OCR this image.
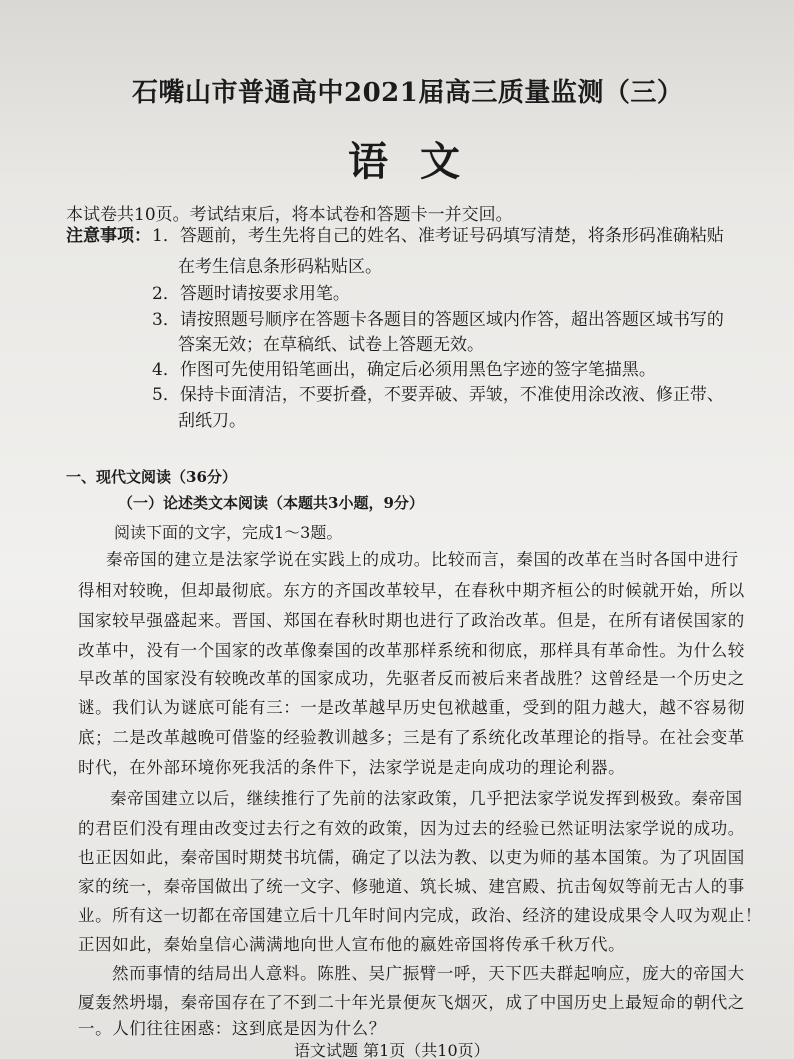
石嘴山市普通高中2021届高三质量监测（三）
语文
本试卷共10页。考试结束后，将本试卷和答题卡一并交回。
注意事项： 1．答题前，考生先将自己的姓名、准考证号码填写清楚，将条形码准确粘贴
在考生信息条形码粘贴区。
2．答题时请按要求用笔。
3．请按照题号顺序在答题卡各题目的答题区域内作答，超出答题区域书写的
答案无效；在草稿纸、试卷上答题无效。
4．作图可先使用铅笔画出，确定后必须用黑色字迹的签字笔描黑。
5．保持卡面清洁，不要折叠，不要弄破、弄皱，不准使用涂改液、修正带、
刮纸刀。
一、现代文阅读（36分）
（一）论述类文本阅读（本题共3小题，9分）
阅读下面的文字，完成1～3题。
秦帝国的建立是法家学说在实践上的成功。比较而言，秦国的改革在当时各国中进行
得相对较晚，但却最彻底。东方的齐国改革较早，在春秋中期齐桓公的时候就开始，所以
国家较早强盛起来。晋国、郑国在春秋时期也进行了政治改革。但是，在所有诸侯国家的
改革中，没有一个国家的改革像秦国的改革那样系统和彻底，那样具有革命性。为什么较
早改革的国家没有较晚改革的国家成功，先驱者反而被后来者战胜？这曾经是一个历史之
谜。我们认为谜底可能有三：一是改革越早历史包袱越重，受到的阻力越大，越不容易彻
底；二是改革越晚可借鉴的经验教训越多；三是有了系统化改革理论的指导。在社会变革
时代，在外部环境你死我活的条件下，法家学说是走向成功的理论利器。
秦帝国建立以后，继续推行了先前的法家政策，几乎把法家学说发挥到极致。秦帝国
的君臣们没有理由改变过去行之有效的政策，因为过去的经验已然证明法家学说的成功。
也正因如此，秦帝国时期焚书坑儒，确定了以法为教、以吏为师的基本国策。为了巩固国
家的统一，秦帝国做出了统一文字、修驰道、筑长城、建宫殿、抗击匈奴等前无古人的事
业。所有这一切都在帝国建立后十几年时间内完成，政治、经济的建设成果令人叹为观止！
正因如此，秦始皇信心满满地向世人宣布他的嬴姓帝国将传承千秋万代。
然而事情的结局出人意料。陈胜、吴广振臂一呼，天下匹夫群起响应，庞大的帝国大
厦轰然坍塌，秦帝国存在了不到二十年光景便灰飞烟灭，成了中国历史上最短命的朝代之
一。人们往往困惑：这到底是因为什么？
语文试题 第1页（共10页）
